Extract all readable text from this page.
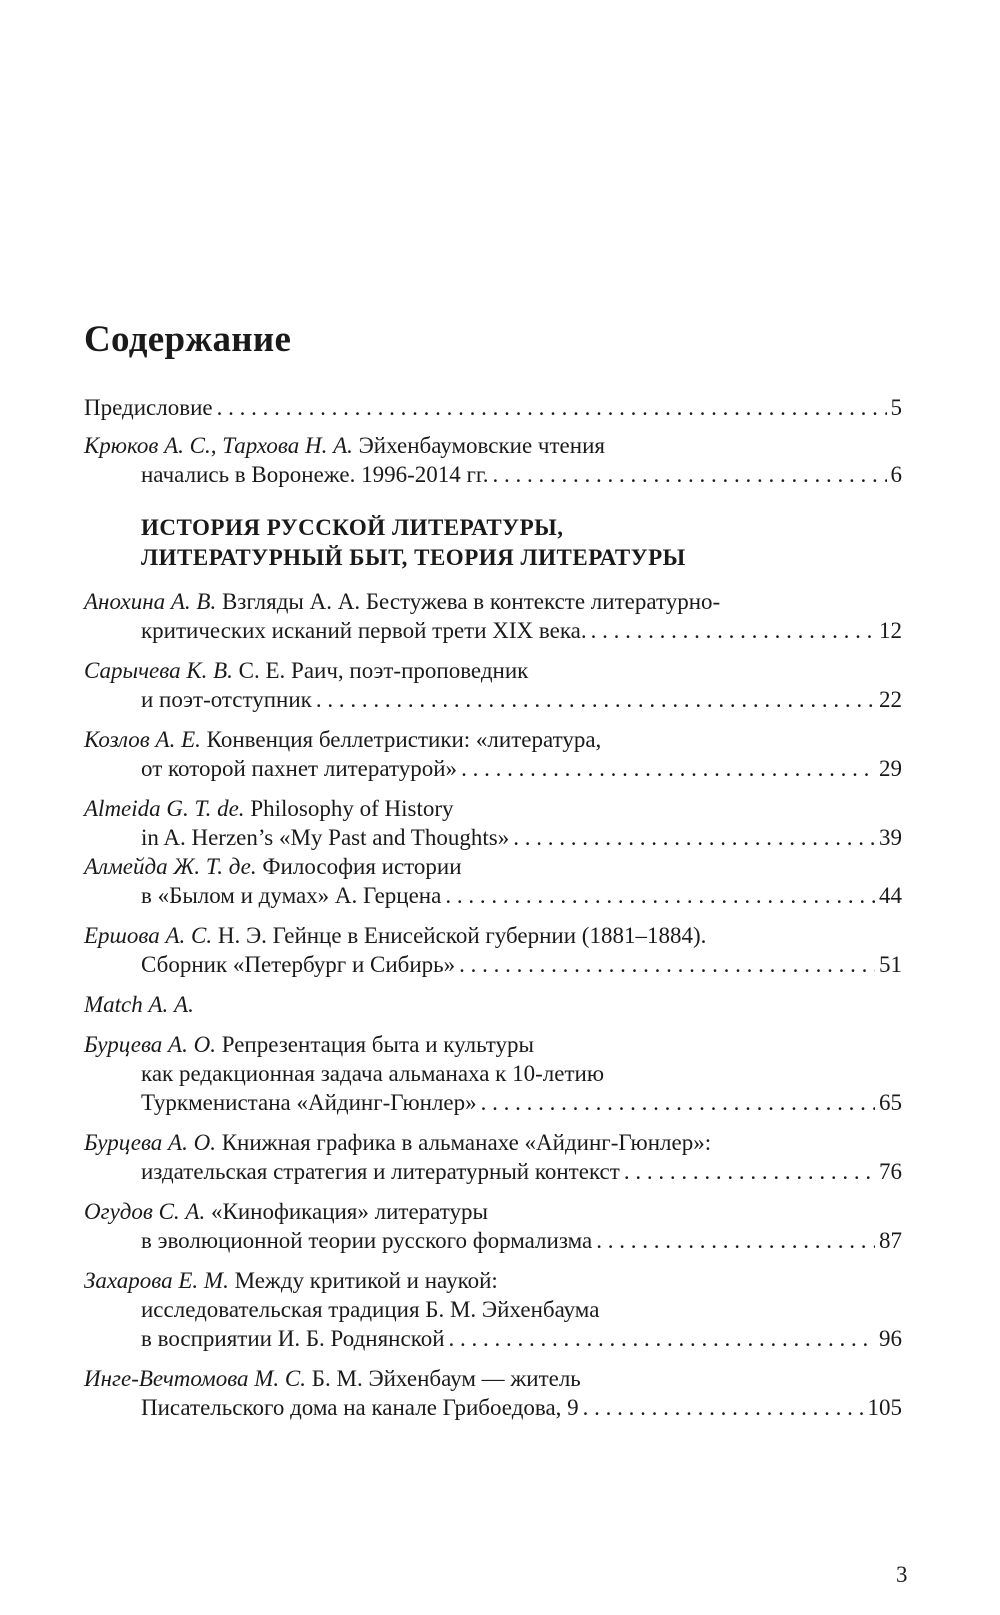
Содержание
Предисловие . . .	5
Крюков А. С., Тархова Н. А. Эйхенбаумовские чтения
начались в Воронеже. 1996-2014 гг. . . .	6
ИСТОРИЯ РУССКОЙ ЛИТЕРАТУРЫ,
ЛИТЕРАТУРНЫЙ БЫТ, ТЕОРИЯ ЛИТЕРАТУРЫ
Анохина А. В. Взгляды А. А. Бестужева в контексте литературно-
критических исканий первой трети XIX века. . . .	12
Сарычева К. В. С. Е. Раич, поэт-проповедник
и поэт-отступник . . .	22
Козлов А. Е. Конвенция беллетристики: «литература,
от которой пахнет литературой» . . .	29
Almeida G. T. de. Philosophy of History
in A. Herzen’s «My Past and Thoughts» . . .	39
Алмейда Ж. Т. де. Философия истории
в «Былом и думах» А. Герцена . . .	44
Ершова А. С. Н. Э. Гейнце в Енисейской губернии (1881–1884).
Сборник «Петербург и Сибирь» . . .	51
Match А. А.
Бурцева А. О. Репрезентация быта и культуры
как редакционная задача альманаха к 10-летию
Туркменистана «Айдинг-Гюнлер» . . .	65
Бурцева А. О. Книжная графика в альманахе «Айдинг-Гюнлер»:
издательская стратегия и литературный контекст . . .	76
Огудов С. А. «Кинофикация» литературы
в эволюционной теории русского формализма . . .	87
Захарова Е. М. Между критикой и наукой:
исследовательская традиция Б. М. Эйхенбаума
в восприятии И. Б. Роднянской . . .	96
Инге-Вечтомова М. С. Б. М. Эйхенбаум — житель
Писательского дома на канале Грибоедова, 9 . . .	105
3
